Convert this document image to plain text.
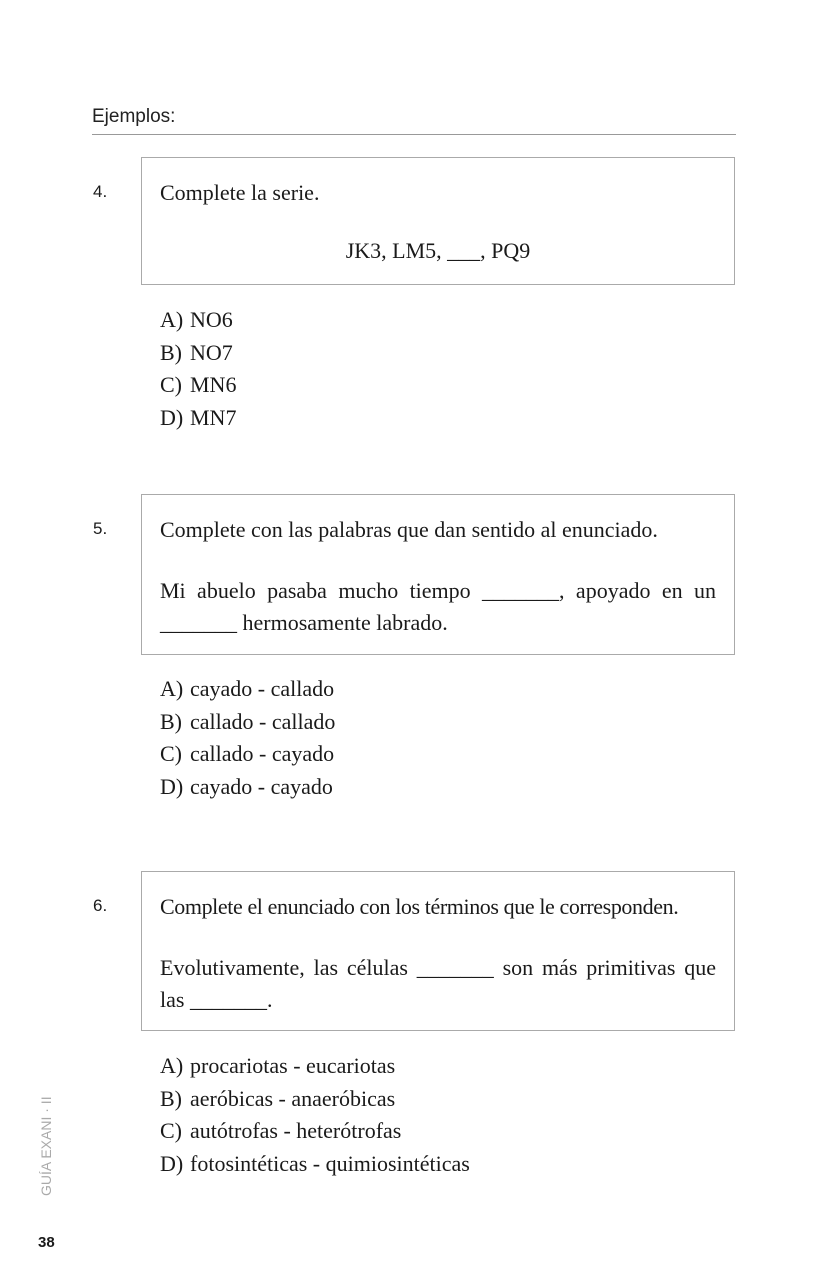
Ejemplos:
4. Complete la serie.
JK3, LM5, ___, PQ9
A) NO6
B) NO7
C) MN6
D) MN7
5. Complete con las palabras que dan sentido al enunciado.
Mi abuelo pasaba mucho tiempo _______, apoyado en un _______ hermosamente labrado.
A) cayado - callado
B) callado - callado
C) callado - cayado
D) cayado - cayado
6. Complete el enunciado con los términos que le corresponden.
Evolutivamente, las células _______ son más primitivas que las _______.
A) procariotas - eucariotas
B) aeróbicas - anaeróbicas
C) autótrofas - heterótrofas
D) fotosintéticas - quimiosintéticas
GUÍA EXANI · II
38
